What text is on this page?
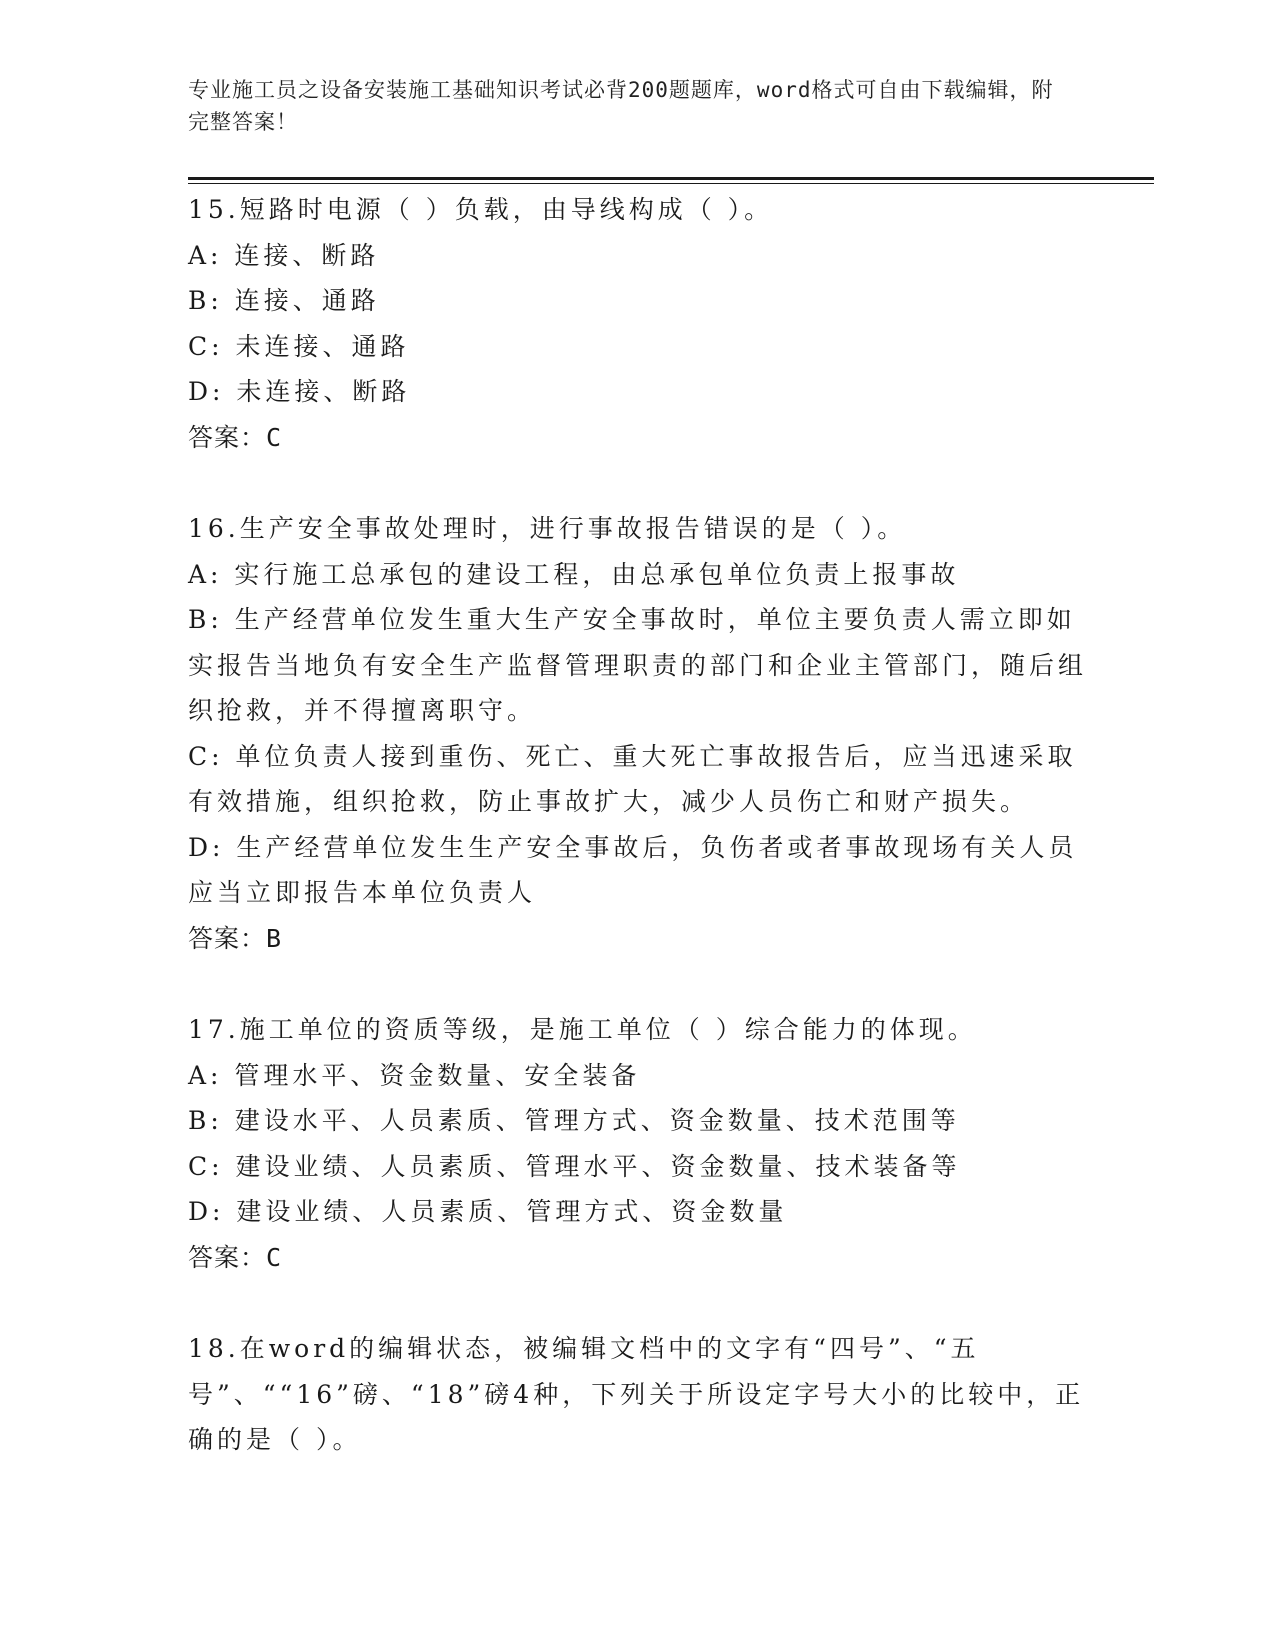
专业施工员之设备安装施工基础知识考试必背200题题库，word格式可自由下载编辑，附完整答案！
15.短路时电源（ ）负载，由导线构成（ ）。
A: 连接、断路
B: 连接、通路
C: 未连接、通路
D: 未连接、断路
答案：C
16.生产安全事故处理时，进行事故报告错误的是（ ）。
A: 实行施工总承包的建设工程，由总承包单位负责上报事故
B: 生产经营单位发生重大生产安全事故时，单位主要负责人需立即如实报告当地负有安全生产监督管理职责的部门和企业主管部门，随后组织抢救，并不得擅离职守。
C: 单位负责人接到重伤、死亡、重大死亡事故报告后，应当迅速采取有效措施，组织抢救，防止事故扩大，减少人员伤亡和财产损失。
D: 生产经营单位发生生产安全事故后，负伤者或者事故现场有关人员应当立即报告本单位负责人
答案：B
17.施工单位的资质等级，是施工单位（ ）综合能力的体现。
A: 管理水平、资金数量、安全装备
B: 建设水平、人员素质、管理方式、资金数量、技术范围等
C: 建设业绩、人员素质、管理水平、资金数量、技术装备等
D: 建设业绩、人员素质、管理方式、资金数量
答案：C
18.在word的编辑状态，被编辑文档中的文字有“四号”、“五号”、““16”磅、“18”磅4种，下列关于所设定字号大小的比较中，正确的是（ ）。
